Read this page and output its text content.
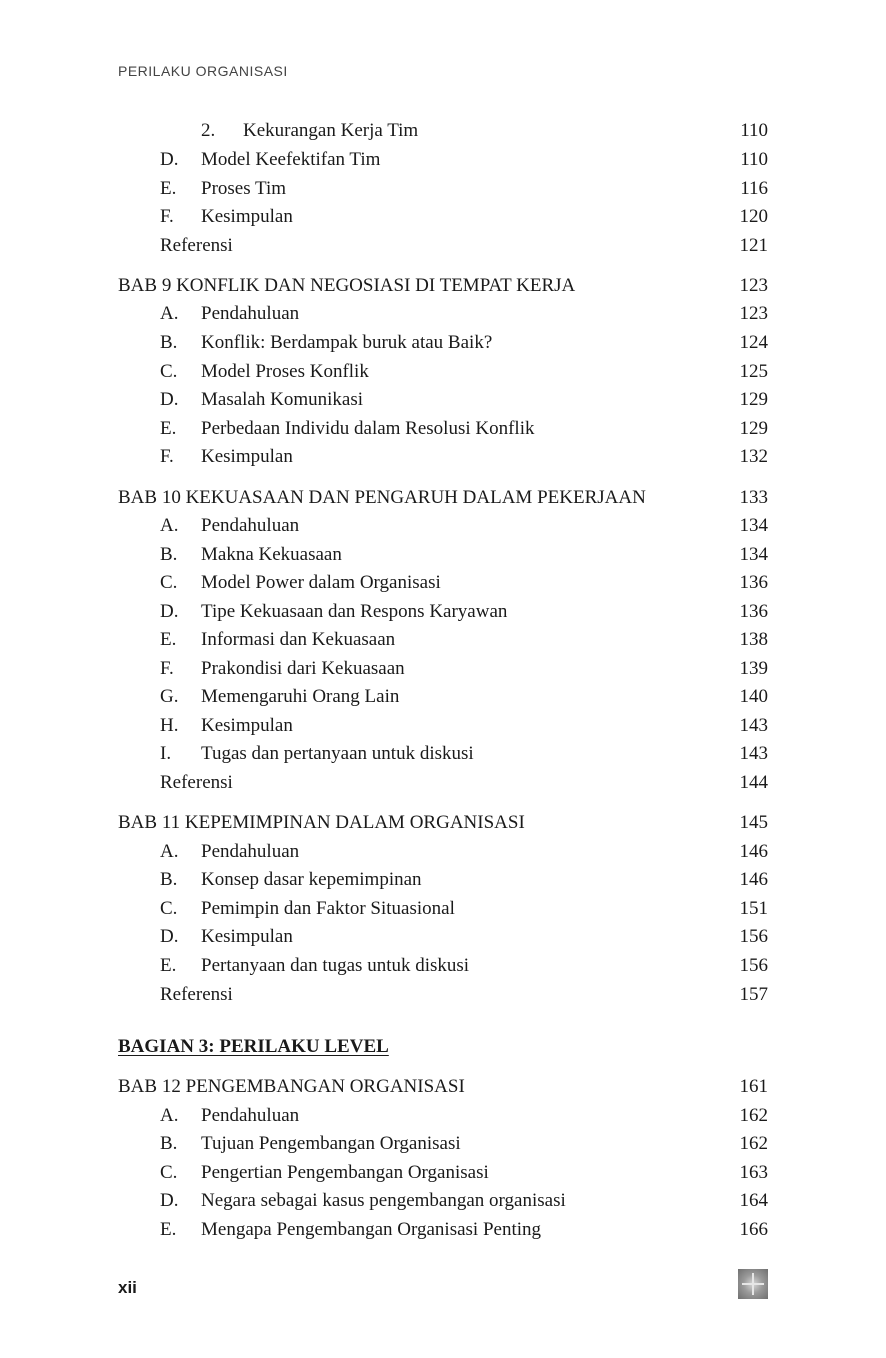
PERILAKU ORGANISASI
2. Kekurangan Kerja Tim	110
D. Model Keefektifan Tim	110
E. Proses Tim	116
F. Kesimpulan	120
Referensi	121
BAB 9 KONFLIK DAN NEGOSIASI DI TEMPAT KERJA	123
A. Pendahuluan	123
B. Konflik: Berdampak buruk atau Baik?	124
C. Model Proses Konflik	125
D. Masalah Komunikasi	129
E. Perbedaan Individu dalam Resolusi Konflik	129
F. Kesimpulan	132
BAB 10 KEKUASAAN DAN PENGARUH DALAM PEKERJAAN	133
A. Pendahuluan	134
B. Makna Kekuasaan	134
C. Model Power dalam Organisasi	136
D. Tipe Kekuasaan dan Respons Karyawan	136
E. Informasi dan Kekuasaan	138
F. Prakondisi dari Kekuasaan	139
G. Memengaruhi Orang Lain	140
H. Kesimpulan	143
I. Tugas dan pertanyaan untuk diskusi	143
Referensi	144
BAB 11 KEPEMIMPINAN DALAM ORGANISASI	145
A. Pendahuluan	146
B. Konsep dasar kepemimpinan	146
C. Pemimpin dan Faktor Situasional	151
D. Kesimpulan	156
E. Pertanyaan dan tugas untuk diskusi	156
Referensi	157
BAGIAN 3: PERILAKU LEVEL
BAB 12 PENGEMBANGAN ORGANISASI	161
A. Pendahuluan	162
B. Tujuan Pengembangan Organisasi	162
C. Pengertian Pengembangan Organisasi	163
D. Negara sebagai kasus pengembangan organisasi	164
E. Mengapa Pengembangan Organisasi Penting	166
xii
